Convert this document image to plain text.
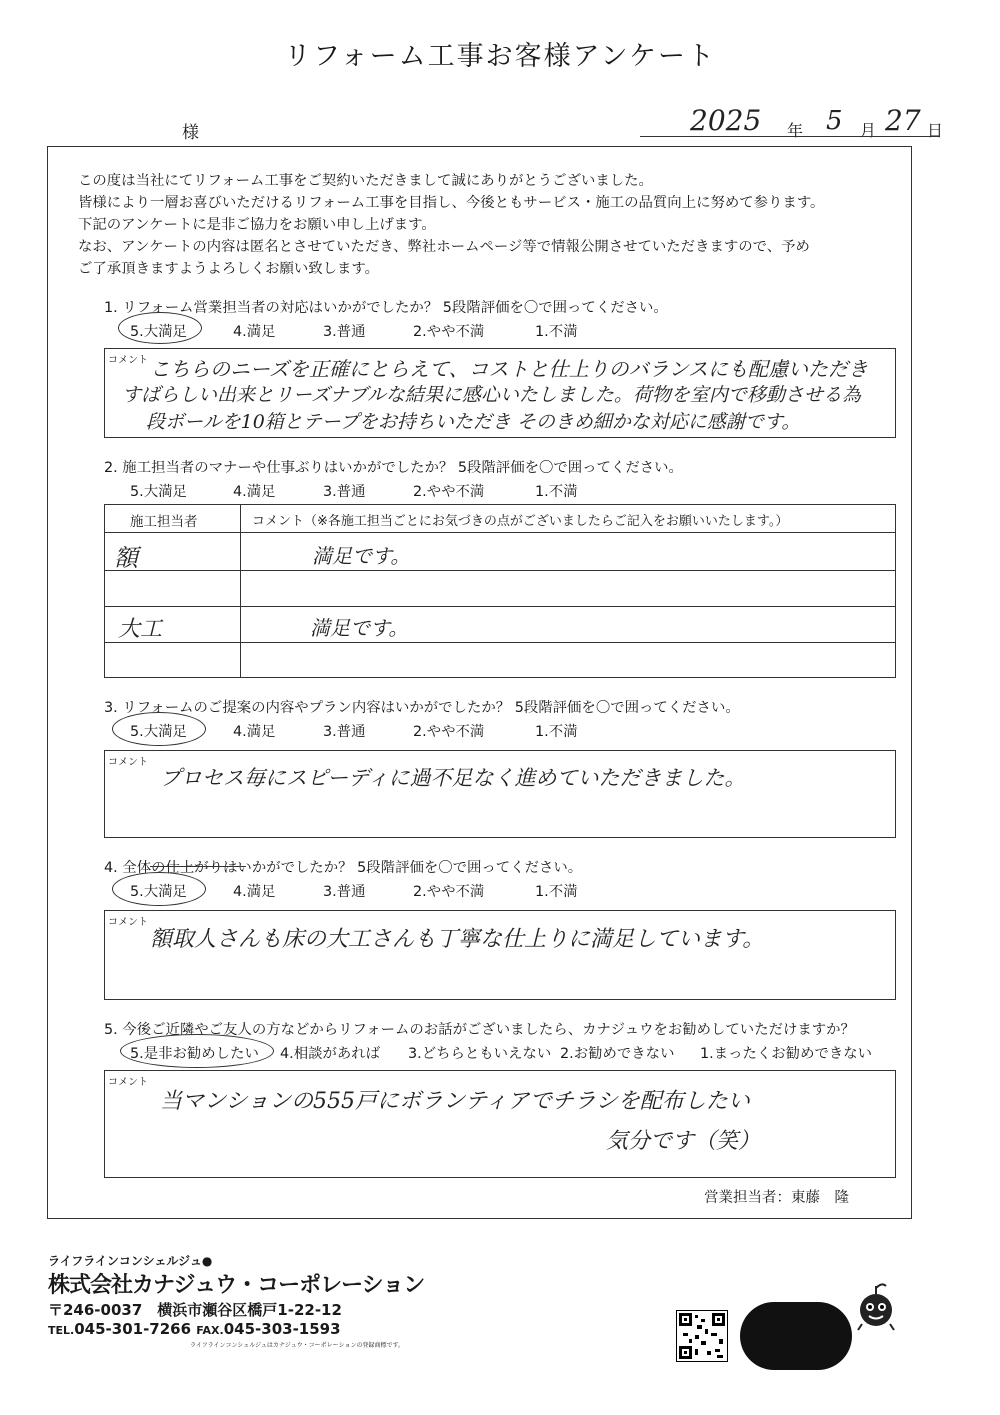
リフォーム工事お客様アンケート
様	2025 年 5 月 27 日
この度は当社にてリフォーム工事をご契約いただきまして誠にありがとうございました。
皆様により一層お喜びいただけるリフォーム工事を目指し、今後ともサービス・施工の品質向上に努めて参ります。
下記のアンケートに是非ご協力をお願い申し上げます。
なお、アンケートの内容は匿名とさせていただき、弊社ホームページ等で情報公開させていただきますので、予め
ご了承頂きますようよろしくお願い致します。
1. リフォーム営業担当者の対応はいかがでしたか？ 5段階評価を〇で囲ってください。
5.大満足	4.満足	3.普通	2.やや不満	1.不満
コメント こちらのニーズを正確にとらえて、コストと仕上りのバランスにも配慮いただき
すばらしい出来とリーズナブルな結果に感心いたしました。荷物を室内で移動させる為
段ボールを10箱とテープをお持ちいただき そのきめ細かな対応に感謝です。
2. 施工担当者のマナーや仕事ぶりはいかがでしたか？ 5段階評価を〇で囲ってください。
5.大満足	4.満足	3.普通	2.やや不満	1.不満
施工担当者	コメント（※各施工担当ごとにお気づきの点がございましたらご記入をお願いいたします。）
額	満足です。
大工	満足です。
3. リフォームのご提案の内容やプラン内容はいかがでしたか？ 5段階評価を〇で囲ってください。
5.大満足	4.満足	3.普通	2.やや不満	1.不満
コメント
プロセス毎にスピーディに過不足なく進めていただきました。
4. 全体の仕上がりはいかがでしたか？ 5段階評価を〇で囲ってください。
5.大満足	4.満足	3.普通	2.やや不満	1.不満
コメント
額取人さんも床の大工さんも丁寧な仕上りに満足しています。
5. 今後ご近隣やご友人の方などからリフォームのお話がございましたら、カナジュウをお勧めしていただけますか？
5.是非お勧めしたい 4.相談があれば 3.どちらともいえない 2.お勧めできない 1.まったくお勧めできない
コメント
当マンションの555戸にボランティアでチラシを配布したい
気分です（笑）
営業担当者：東藤　隆
ライフラインコンシェルジュ●
株式会社カナジュウ・コーポレーション
〒246-0037　横浜市瀬谷区橋戸1-22-12
TEL.045-301-7266 FAX.045-303-1593
ライフラインコンシェルジュはカナジュウ・コーポレーションの登録商標です。
